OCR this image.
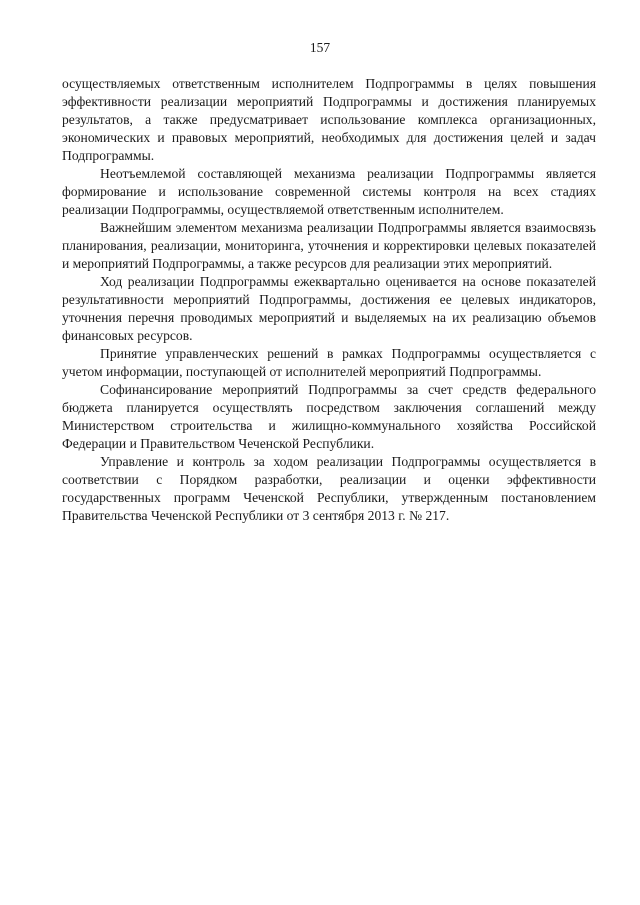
157

осуществляемых ответственным исполнителем Подпрограммы в целях повышения эффективности реализации мероприятий Подпрограммы и достижения планируемых результатов, а также предусматривает использование комплекса организационных, экономических и правовых мероприятий, необходимых для достижения целей и задач Подпрограммы.

Неотъемлемой составляющей механизма реализации Подпрограммы является формирование и использование современной системы контроля на всех стадиях реализации Подпрограммы, осуществляемой ответственным исполнителем.

Важнейшим элементом механизма реализации Подпрограммы является взаимосвязь планирования, реализации, мониторинга, уточнения и корректировки целевых показателей и мероприятий Подпрограммы, а также ресурсов для реализации этих мероприятий.

Ход реализации Подпрограммы ежеквартально оценивается на основе показателей результативности мероприятий Подпрограммы, достижения ее целевых индикаторов, уточнения перечня проводимых мероприятий и выделяемых на их реализацию объемов финансовых ресурсов.

Принятие управленческих решений в рамках Подпрограммы осуществляется с учетом информации, поступающей от исполнителей мероприятий Подпрограммы.

Софинансирование мероприятий Подпрограммы за счет средств федерального бюджета планируется осуществлять посредством заключения соглашений между Министерством строительства и жилищно-коммунального хозяйства Российской Федерации и Правительством Чеченской Республики.

Управление и контроль за ходом реализации Подпрограммы осуществляется в соответствии с Порядком разработки, реализации и оценки эффективности государственных программ Чеченской Республики, утвержденным постановлением Правительства Чеченской Республики от 3 сентября 2013 г. № 217.
